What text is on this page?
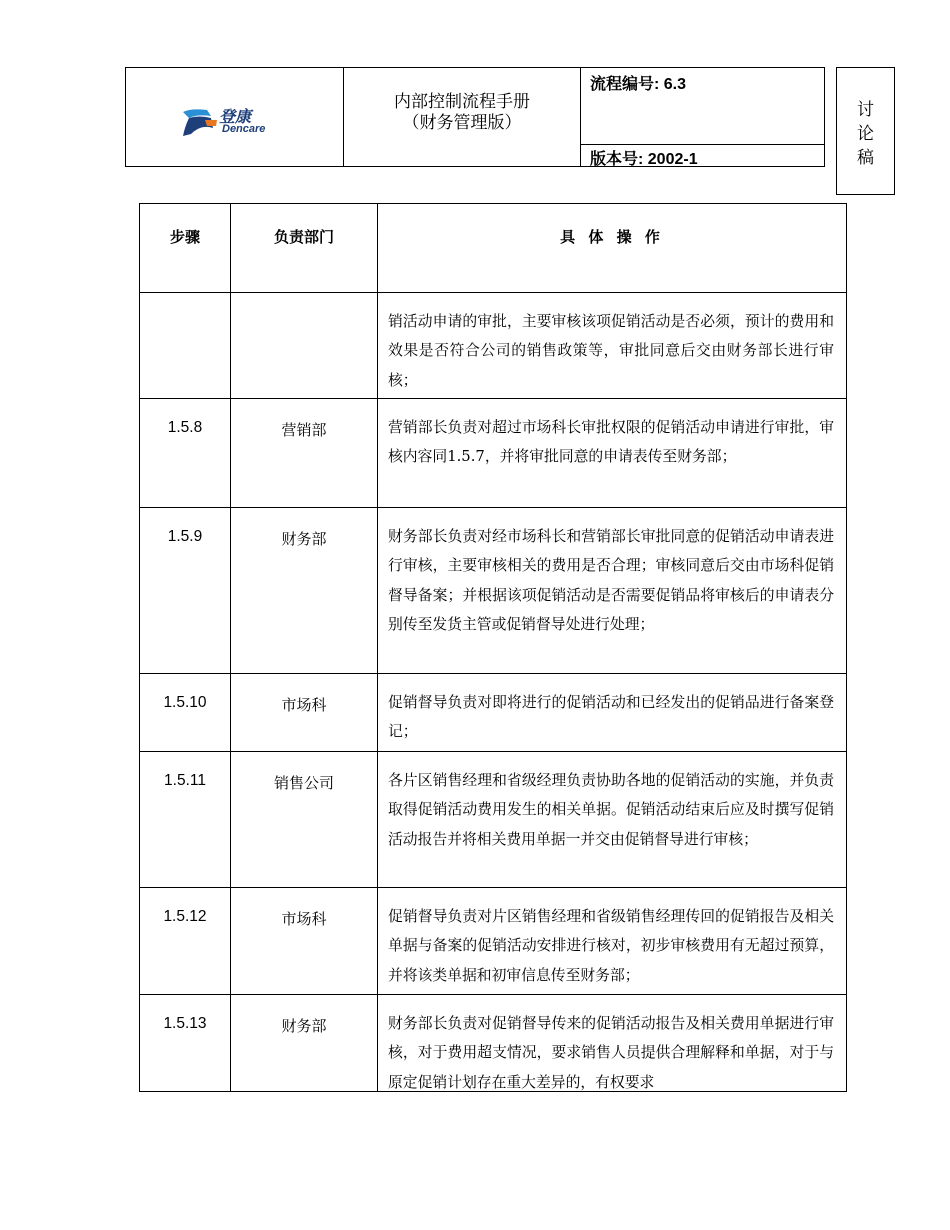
登康
Dencare
内部控制流程手册
（财务管理版）
流程编号: 6.3
版本号: 2002-1
讨
论
稿
步骤	负责部门	具 体 操 作

		销活动申请的审批，主要审核该项促销活动是否必须，预计的费用和效果是否符合公司的销售政策等，审批同意后交由财务部长进行审核；

1.5.8	营销部	营销部长负责对超过市场科长审批权限的促销活动申请进行审批，审核内容同1.5.7，并将审批同意的申请表传至财务部；

1.5.9	财务部	财务部长负责对经市场科长和营销部长审批同意的促销活动申请表进行审核，主要审核相关的费用是否合理；审核同意后交由市场科促销督导备案；并根据该项促销活动是否需要促销品将审核后的申请表分别传至发货主管或促销督导处进行处理；

1.5.10	市场科	促销督导负责对即将进行的促销活动和已经发出的促销品进行备案登记；

1.5.11	销售公司	各片区销售经理和省级经理负责协助各地的促销活动的实施，并负责取得促销活动费用发生的相关单据。促销活动结束后应及时撰写促销活动报告并将相关费用单据一并交由促销督导进行审核；

1.5.12	市场科	促销督导负责对片区销售经理和省级销售经理传回的促销报告及相关单据与备案的促销活动安排进行核对，初步审核费用有无超过预算，并将该类单据和初审信息传至财务部；

1.5.13	财务部	财务部长负责对促销督导传来的促销活动报告及相关费用单据进行审核，对于费用超支情况，要求销售人员提供合理解释和单据，对于与原定促销计划存在重大差异的，有权要求
